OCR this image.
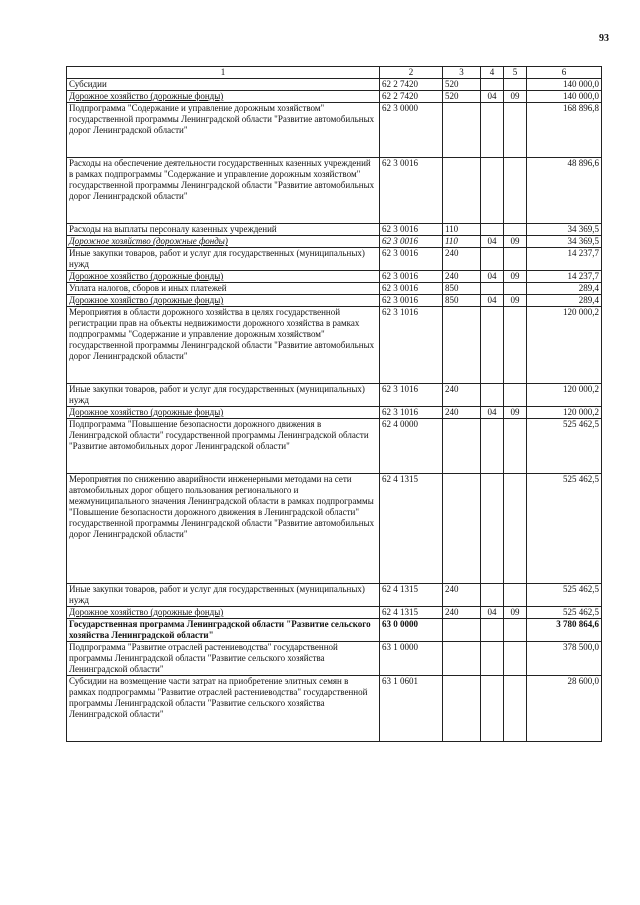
93
1	2	3	4	5	6
Субсидии	62 2 7420	520			140 000,0
Дорожное хозяйство (дорожные фонды)	62 2 7420	520	04	09	140 000,0
Подпрограмма "Содержание и управление дорожным хозяйством" государственной программы Ленинградской области "Развитие автомобильных дорог Ленинградской области"	62 3 0000				168 896,8
Расходы на обеспечение деятельности государственных казенных учреждений в рамках подпрограммы "Содержание и управление дорожным хозяйством" государственной программы Ленинградской области "Развитие автомобильных дорог Ленинградской области"	62 3 0016				48 896,6
Расходы на выплаты персоналу казенных учреждений	62 3 0016	110			34 369,5
Дорожное хозяйство (дорожные фонды)	62 3 0016	110	04	09	34 369,5
Иные закупки товаров, работ и услуг для государственных (муниципальных) нужд	62 3 0016	240			14 237,7
Дорожное хозяйство (дорожные фонды)	62 3 0016	240	04	09	14 237,7
Уплата налогов, сборов и иных платежей	62 3 0016	850			289,4
Дорожное хозяйство (дорожные фонды)	62 3 0016	850	04	09	289,4
Мероприятия в области дорожного хозяйства в целях государственной регистрации прав на объекты недвижимости дорожного хозяйства в рамках подпрограммы "Содержание и управление дорожным хозяйством" государственной программы Ленинградской области "Развитие автомобильных дорог Ленинградской области"	62 3 1016				120 000,2
Иные закупки товаров, работ и услуг для государственных (муниципальных) нужд	62 3 1016	240			120 000,2
Дорожное хозяйство (дорожные фонды)	62 3 1016	240	04	09	120 000,2
Подпрограмма "Повышение безопасности дорожного движения в Ленинградской области" государственной программы Ленинградской области "Развитие автомобильных дорог Ленинградской области"	62 4 0000				525 462,5
Мероприятия по снижению аварийности инженерными методами на сети автомобильных дорог общего пользования регионального и межмуниципального значения Ленинградской области в рамках подпрограммы "Повышение безопасности дорожного движения в Ленинградской области" государственной программы Ленинградской области "Развитие автомобильных дорог Ленинградской области"	62 4 1315				525 462,5
Иные закупки товаров, работ и услуг для государственных (муниципальных) нужд	62 4 1315	240			525 462,5
Дорожное хозяйство (дорожные фонды)	62 4 1315	240	04	09	525 462,5
Государственная программа Ленинградской области "Развитие сельского хозяйства Ленинградской области"	63 0 0000				3 780 864,6
Подпрограмма "Развитие отраслей растениеводства" государственной программы Ленинградской области "Развитие сельского хозяйства Ленинградской области"	63 1 0000				378 500,0
Субсидии на возмещение части затрат на приобретение элитных семян в рамках подпрограммы "Развитие отраслей растениеводства" государственной программы Ленинградской области "Развитие сельского хозяйства Ленинградской области"	63 1 0601				28 600,0
